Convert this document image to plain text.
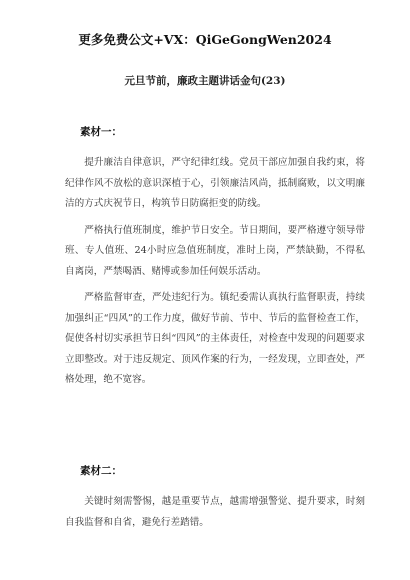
更多免费公文+VX：QiGeGongWen2024
元旦节前，廉政主题讲话金句(23)
素材一：

提升廉洁自律意识，严守纪律红线。党员干部应加强自我约束，将纪律作风不放松的意识深植于心，引领廉洁风尚，抵制腐败，以文明廉洁的方式庆祝节日，构筑节日防腐拒变的防线。

严格执行值班制度，维护节日安全。节日期间，要严格遵守领导带班、专人值班、24小时应急值班制度，准时上岗，严禁缺勤，不得私自离岗，严禁喝酒、赌博或参加任何娱乐活动。

严格监督审查，严处违纪行为。镇纪委需认真执行监督职责，持续加强纠正“四风”的工作力度，做好节前、节中、节后的监督检查工作，促使各村切实承担节日纠“四风”的主体责任，对检查中发现的问题要求立即整改。对于违反规定、顶风作案的行为，一经发现，立即查处，严格处理，绝不宽容。

素材二：

关键时刻需警惕，越是重要节点，越需增强警觉、提升要求，时刻自我监督和自省，避免行差踏错。
